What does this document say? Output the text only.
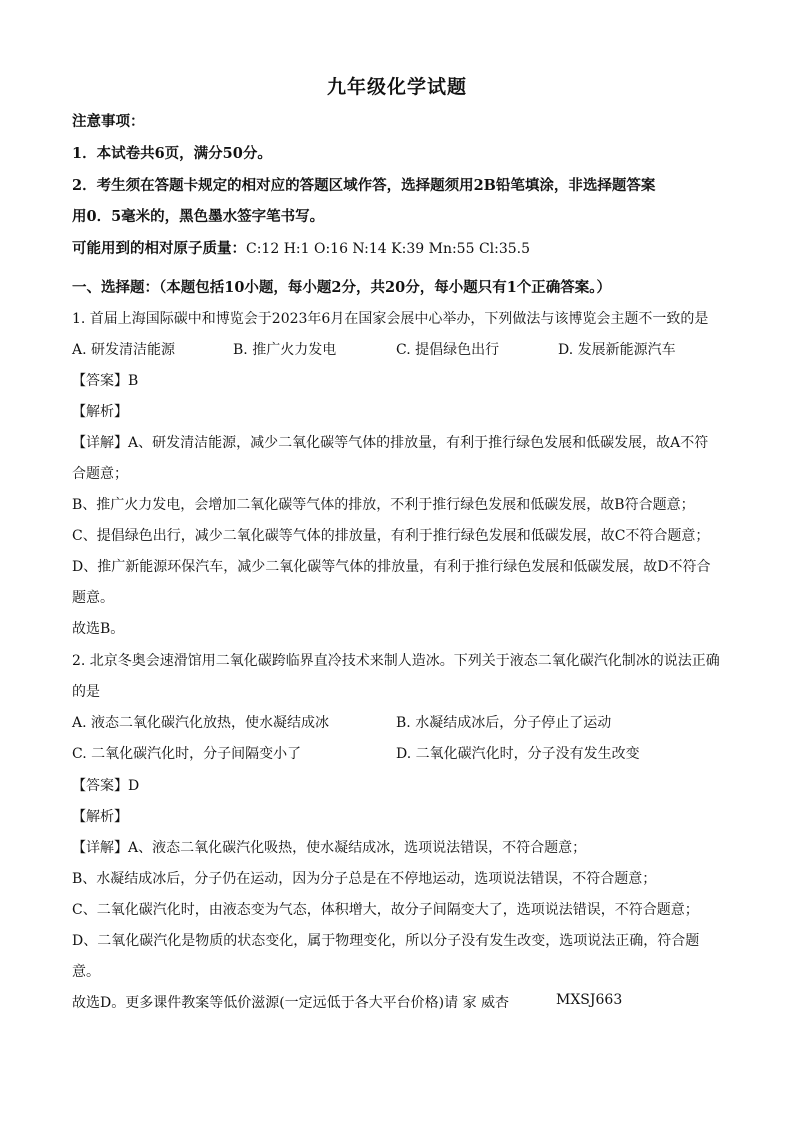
九年级化学试题
注意事项：
1．本试卷共6页，满分50分。
2．考生须在答题卡规定的相对应的答题区域作答，选择题须用2B铅笔填涂，非选择题答案
用0．5毫米的，黑色墨水签字笔书写。
可能用到的相对原子质量：C:12 H:1 O:16 N:14 K:39 Mn:55 Cl:35.5
一、选择题：（本题包括10小题，每小题2分，共20分，每小题只有1个正确答案。）
1. 首届上海国际碳中和博览会于2023年6月在国家会展中心举办，下列做法与该博览会主题不一致的是
A. 研发清洁能源	B. 推广火力发电	C. 提倡绿色出行	D. 发展新能源汽车
【答案】B
【解析】
【详解】A、研发清洁能源，减少二氧化碳等气体的排放量，有利于推行绿色发展和低碳发展，故A不符
合题意；
B、推广火力发电，会增加二氧化碳等气体的排放，不利于推行绿色发展和低碳发展，故B符合题意；
C、提倡绿色出行，减少二氧化碳等气体的排放量，有利于推行绿色发展和低碳发展，故C不符合题意；
D、推广新能源环保汽车，减少二氧化碳等气体的排放量，有利于推行绿色发展和低碳发展，故D不符合
题意。
故选B。
2. 北京冬奥会速滑馆用二氧化碳跨临界直冷技术来制人造冰。下列关于液态二氧化碳汽化制冰的说法正确
的是
A. 液态二氧化碳汽化放热，使水凝结成冰	B. 水凝结成冰后，分子停止了运动
C. 二氧化碳汽化时，分子间隔变小了	D. 二氧化碳汽化时，分子没有发生改变
【答案】D
【解析】
【详解】A、液态二氧化碳汽化吸热，使水凝结成冰，选项说法错误，不符合题意；
B、水凝结成冰后，分子仍在运动，因为分子总是在不停地运动，选项说法错误，不符合题意；
C、二氧化碳汽化时，由液态变为气态，体积增大，故分子间隔变大了，选项说法错误，不符合题意；
D、二氧化碳汽化是物质的状态变化，属于物理变化，所以分子没有发生改变，选项说法正确，符合题
意。
故选D。更多课件教案等低价滋源(一定远低于各大平台价格)请 家 威杏	MXSJ663
